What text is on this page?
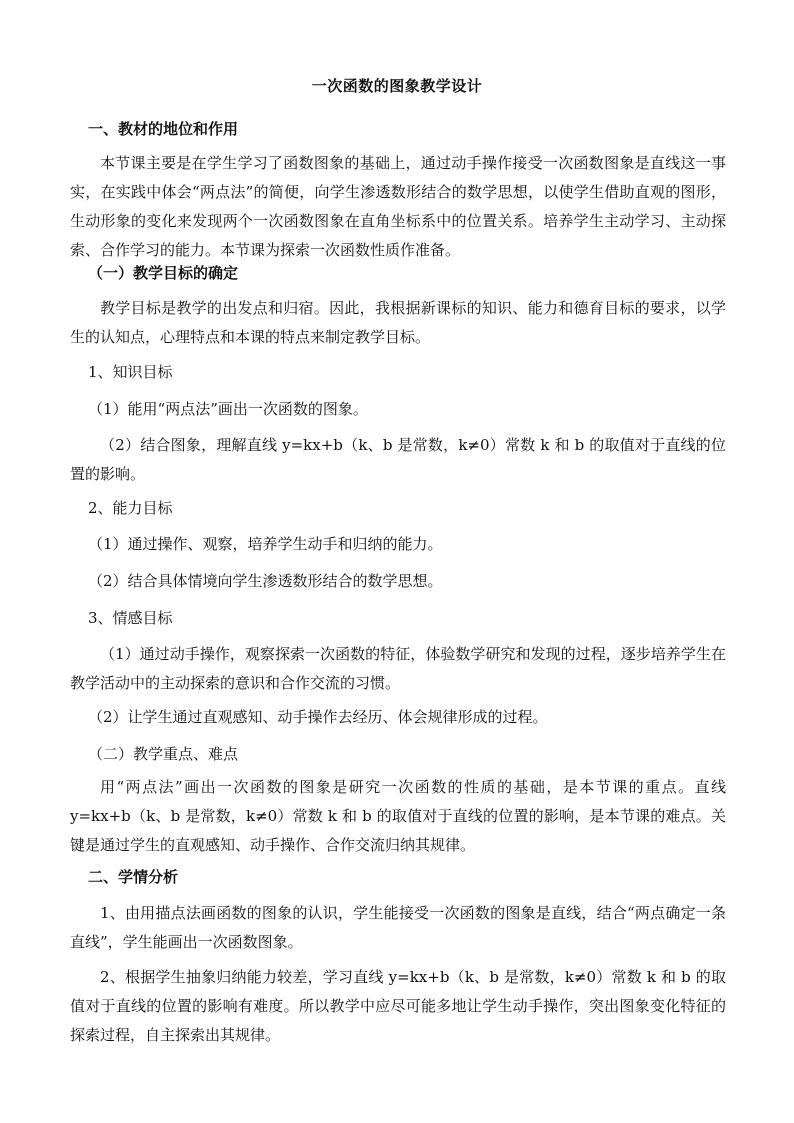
一次函数的图象教学设计
一、教材的地位和作用

本节课主要是在学生学习了函数图象的基础上，通过动手操作接受一次函数图象是直线这一事实，在实践中体会“两点法”的简便，向学生渗透数形结合的数学思想，以使学生借助直观的图形，生动形象的变化来发现两个一次函数图象在直角坐标系中的位置关系。培养学生主动学习、主动探索、合作学习的能力。本节课为探索一次函数性质作准备。

（一）教学目标的确定

教学目标是教学的出发点和归宿。因此，我根据新课标的知识、能力和德育目标的要求，以学生的认知点，心理特点和本课的特点来制定教学目标。

1、知识目标
（1）能用“两点法”画出一次函数的图象。

（2）结合图象，理解直线 y=kx+b（k、b 是常数，k≠0）常数 k 和 b 的取值对于直线的位置的影响。

2、能力目标
（1）通过操作、观察，培养学生动手和归纳的能力。
（2）结合具体情境向学生渗透数形结合的数学思想。
3、情感目标

（1）通过动手操作，观察探索一次函数的特征，体验数学研究和发现的过程，逐步培养学生在教学活动中的主动探索的意识和合作交流的习惯。

（2）让学生通过直观感知、动手操作去经历、体会规律形成的过程。
（二）教学重点、难点

用“两点法”画出一次函数的图象是研究一次函数的性质的基础，是本节课的重点。直线 y=kx+b（k、b 是常数，k≠0）常数 k 和 b 的取值对于直线的位置的影响，是本节课的难点。关键是通过学生的直观感知、动手操作、合作交流归纳其规律。

二、学情分析

1、由用描点法画函数的图象的认识，学生能接受一次函数的图象是直线，结合“两点确定一条直线”，学生能画出一次函数图象。

2、根据学生抽象归纳能力较差，学习直线 y=kx+b（k、b 是常数，k≠0）常数 k 和 b 的取值对于直线的位置的影响有难度。所以教学中应尽可能多地让学生动手操作，突出图象变化特征的探索过程，自主探索出其规律。
